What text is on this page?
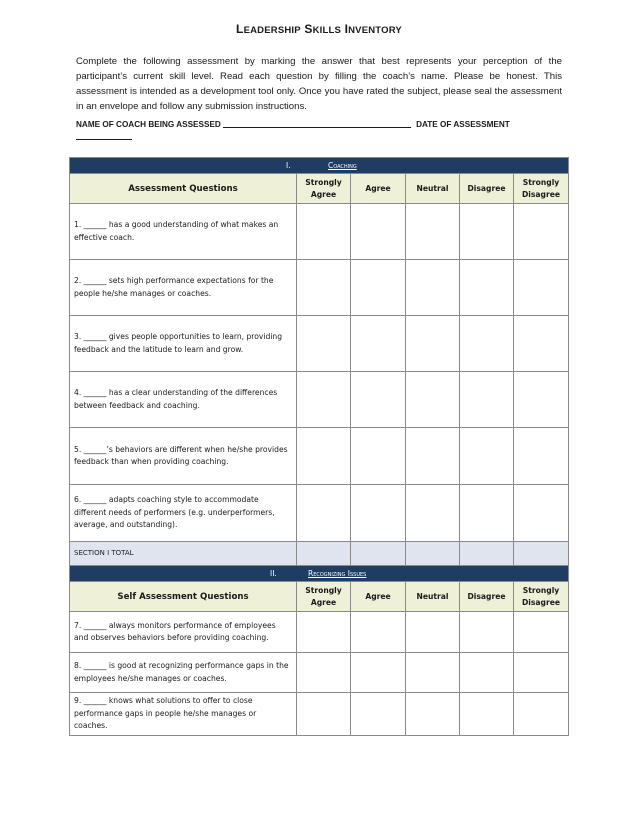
LEADERSHIP SKILLS INVENTORY

Complete the following assessment by marking the answer that best represents your perception of the participant’s current skill level. Read each question by filling the coach’s name. Please be honest. This assessment is intended as a development tool only. Once you have rated the subject, please seal the assessment in an envelope and follow any submission instructions.

NAME OF COACH BEING ASSESSED	DATE OF ASSESSMENT

I. Coaching					

Assessment Questions	Strongly Agree	Agree	Neutral	Disagree	Strongly Disagree
1. ______ has a good understanding of what makes an effective coach.					
2. ______ sets high performance expectations for the people he/she manages or coaches.					
3. ______ gives people opportunities to learn, providing feedback and the latitude to learn and grow.					
4. ______ has a clear understanding of the differences between feedback and coaching.					
5. ______’s behaviors are different when he/she provides feedback than when providing coaching.					
6. ______ adapts coaching style to accommodate different needs of performers (e.g. underperformers, average, and outstanding).					
SECTION I TOTAL					
II. Recognizing Issues					

Self Assessment Questions	Strongly Agree	Agree	Neutral	Disagree	Strongly Disagree
7. ______ always monitors performance of employees and observes behaviors before providing coaching.					
8. ______ is good at recognizing performance gaps in the employees he/she manages or coaches.					
9. ______ knows what solutions to offer to close performance gaps in people he/she manages or coaches.					
